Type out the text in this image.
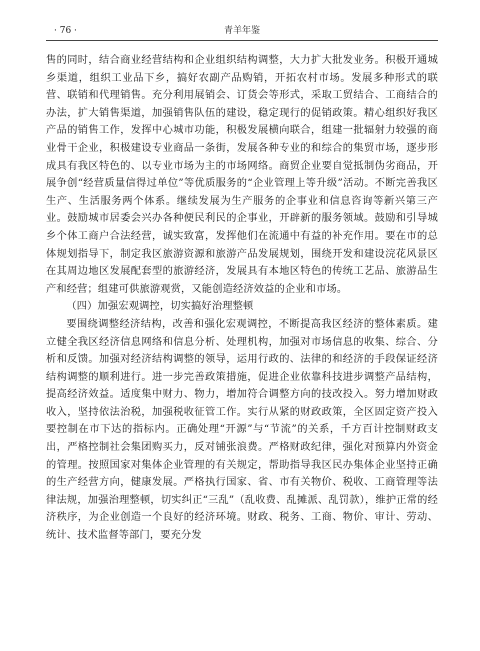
· 76 ·	青羊年鉴

售的同时，结合商业经营结构和企业组织结构调整，大力扩大批发业务。积极开通城乡渠道，组织工业品下乡，搞好农副产品购销，开拓农村市场。发展多种形式的联营、联销和代理销售。充分利用展销会、订货会等形式，采取工贸结合、工商结合的办法，扩大销售渠道，加强销售队伍的建设，稳定现行的促销政策。精心组织好我区产品的销售工作，发挥中心城市功能，积极发展横向联合，组建一批辐射力较强的商业骨干企业，积极建设专业商品一条街，发展各种专业的和综合的集贸市场，逐步形成具有我区特色的、以专业市场为主的市场网络。商贸企业要自觉抵制伪劣商品，开展争创“经营质量信得过单位”等优质服务的“企业管理上等升级”活动。不断完善我区生产、生活服务两个体系。继续发展为生产服务的企事业和信息咨询等新兴第三产业。鼓励城市居委会兴办各种便民利民的企事业，开辟新的服务领域。鼓励和引导城乡个体工商户合法经营，诚实致富，发挥他们在流通中有益的补充作用。要在市的总体规划指导下，制定我区旅游资源和旅游产品发展规划，围绕开发和建设浣花风景区在其周边地区发展配套型的旅游经济，发展具有本地区特色的传统工艺品、旅游品生产和经营；组建可供旅游观赏，又能创造经济效益的企业和市场。

（四）加强宏观调控，切实搞好治理整顿

要围绕调整经济结构，改善和强化宏观调控，不断提高我区经济的整体素质。建立健全我区经济信息网络和信息分析、处理机构，加强对市场信息的收集、综合、分析和反馈。加强对经济结构调整的领导，运用行政的、法律的和经济的手段保证经济结构调整的顺利进行。进一步完善政策措施，促进企业依靠科技进步调整产品结构，提高经济效益。适度集中财力、物力，增加符合调整方向的技改投入。努力增加财政收入，坚持依法治税，加强税收征管工作。实行从紧的财政政策，全区固定资产投入要控制在市下达的指标内。正确处理“开源”与“节流”的关系，千方百计控制财政支出，严格控制社会集团购买力，反对铺张浪费。严格财政纪律，强化对预算内外资金的管理。按照国家对集体企业管理的有关规定，帮助指导我区民办集体企业坚持正确的生产经营方向，健康发展。严格执行国家、省、市有关物价、税收、工商管理等法律法规，加强治理整顿，切实纠正“三乱”（乱收费、乱摊派、乱罚款），维护正常的经济秩序，为企业创造一个良好的经济环境。财政、税务、工商、物价、审计、劳动、统计、技术监督等部门，要充分发
